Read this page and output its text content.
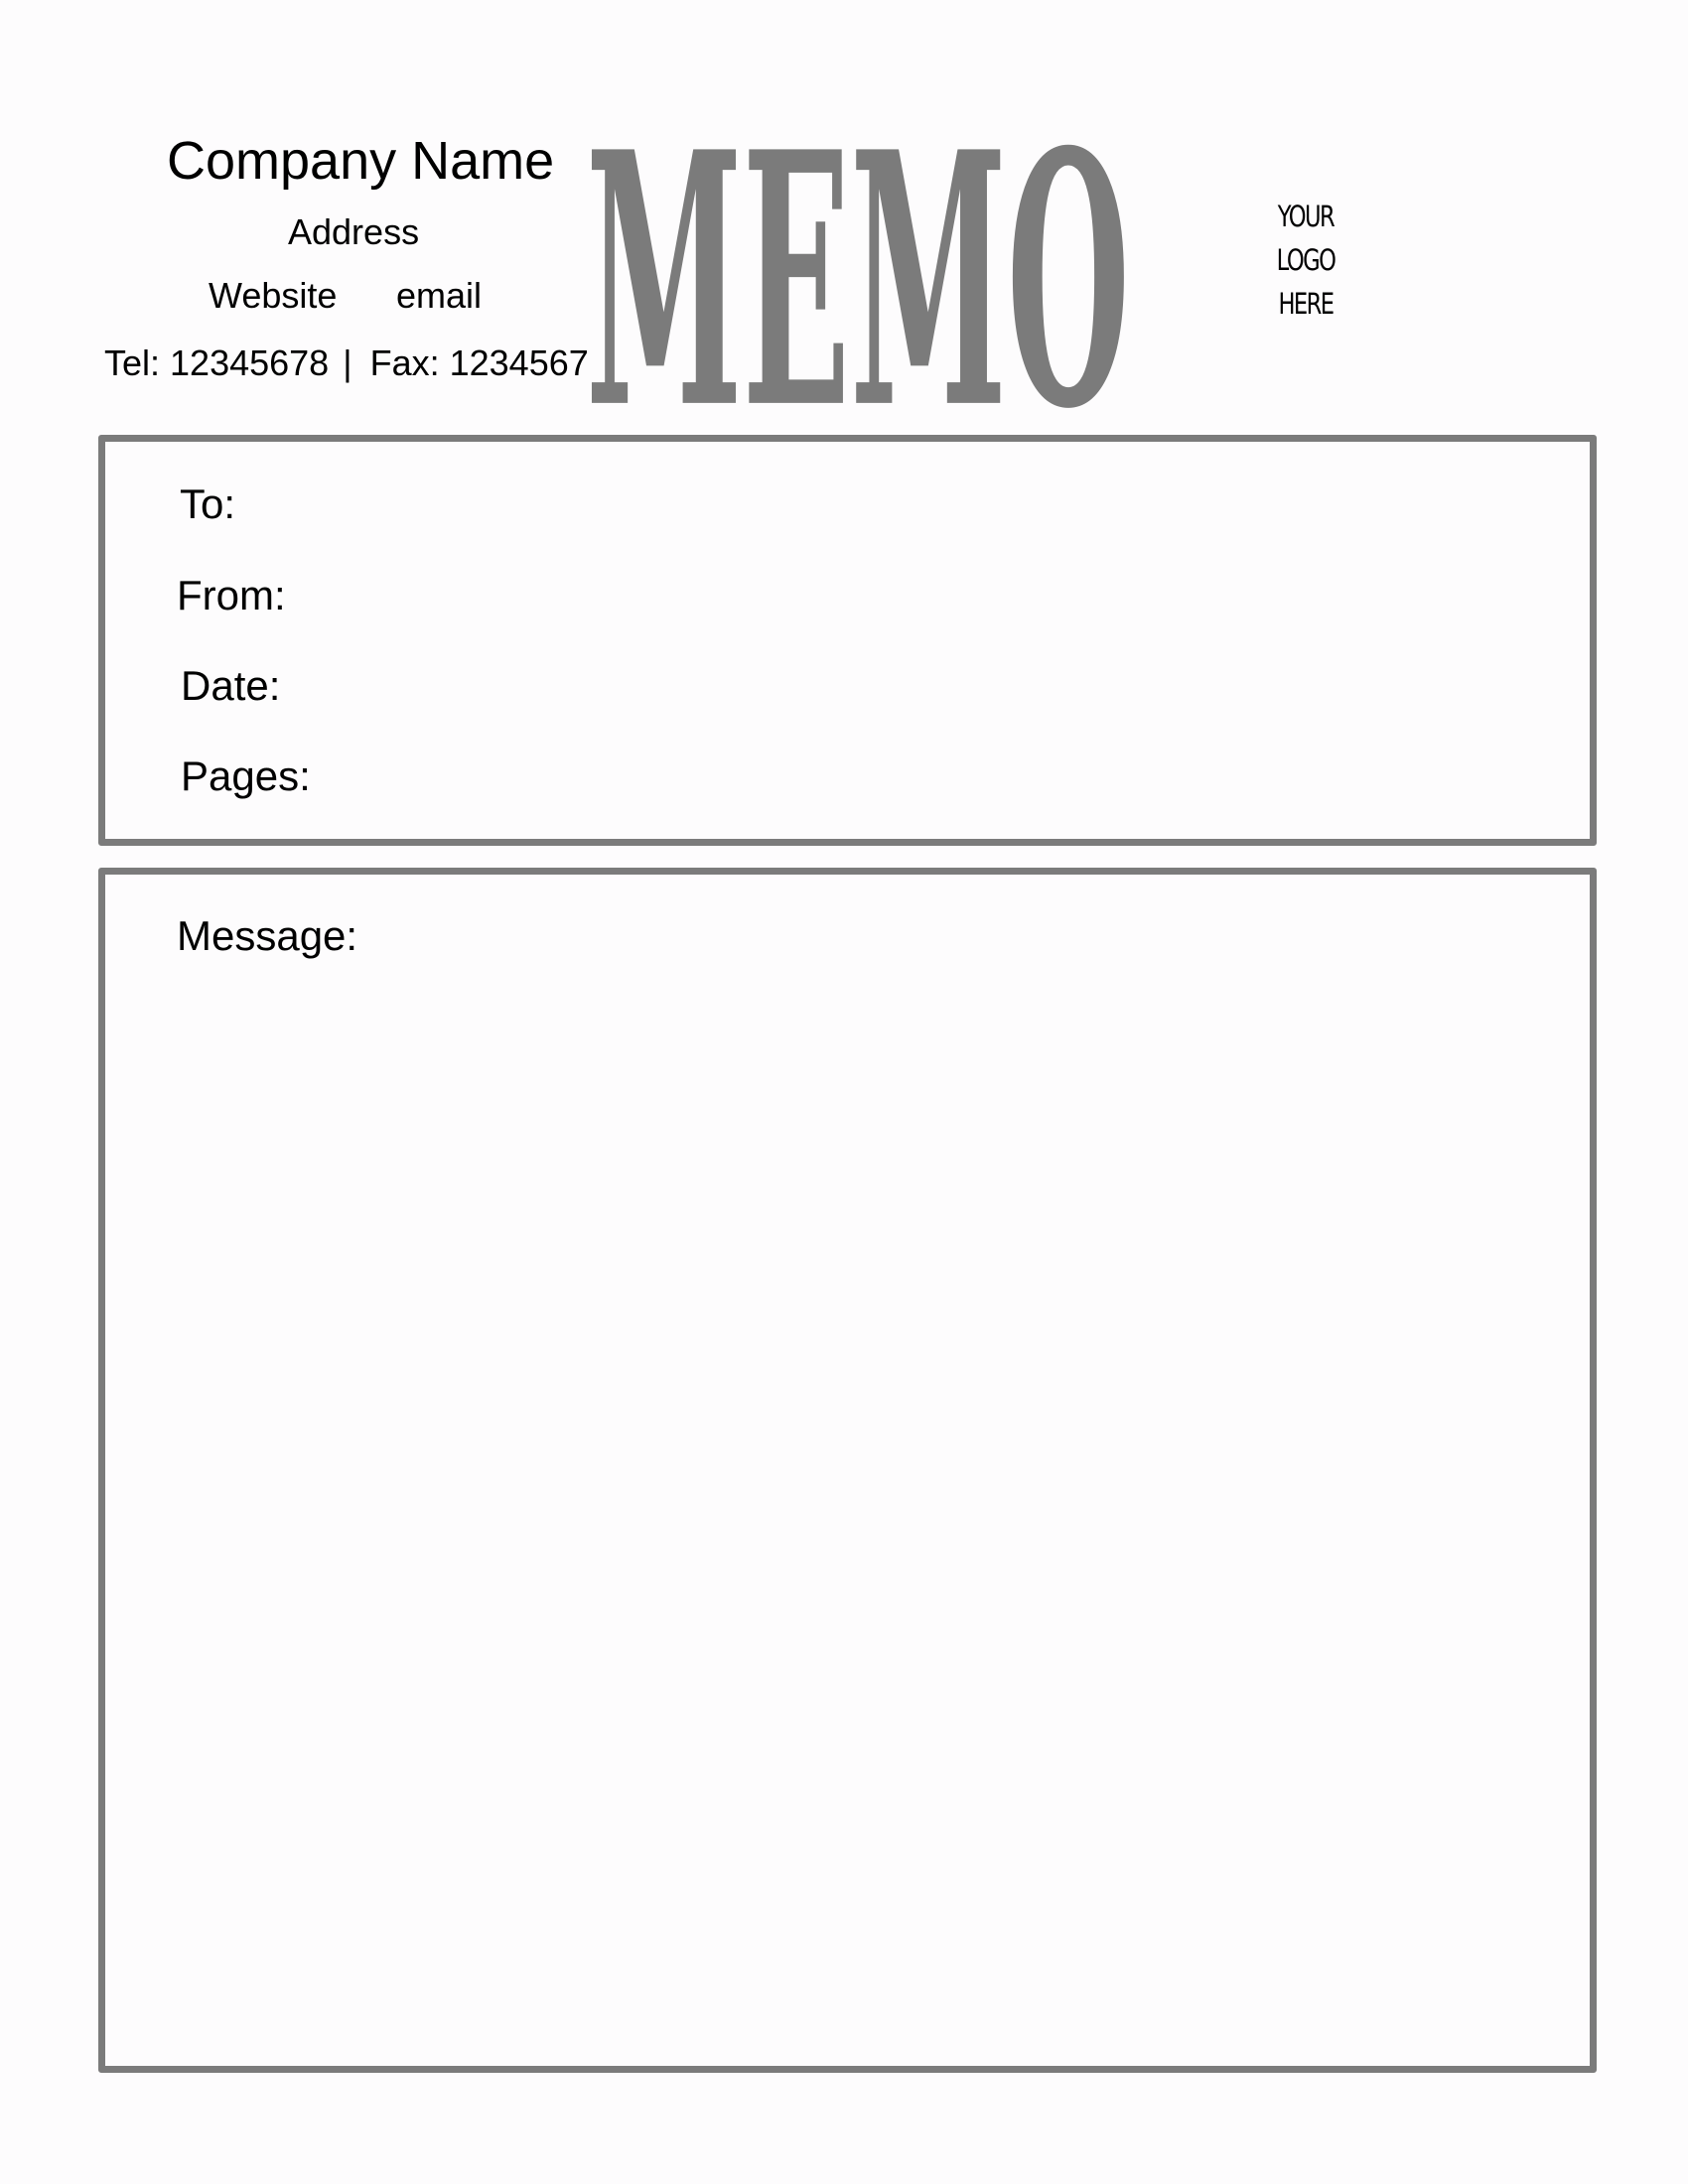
Company Name
Address
Website email
Tel: 12345678 | Fax: 1234567
MEMO	YOUR
LOGO
HERE
To:
From:
Date:
Pages:
Message:
